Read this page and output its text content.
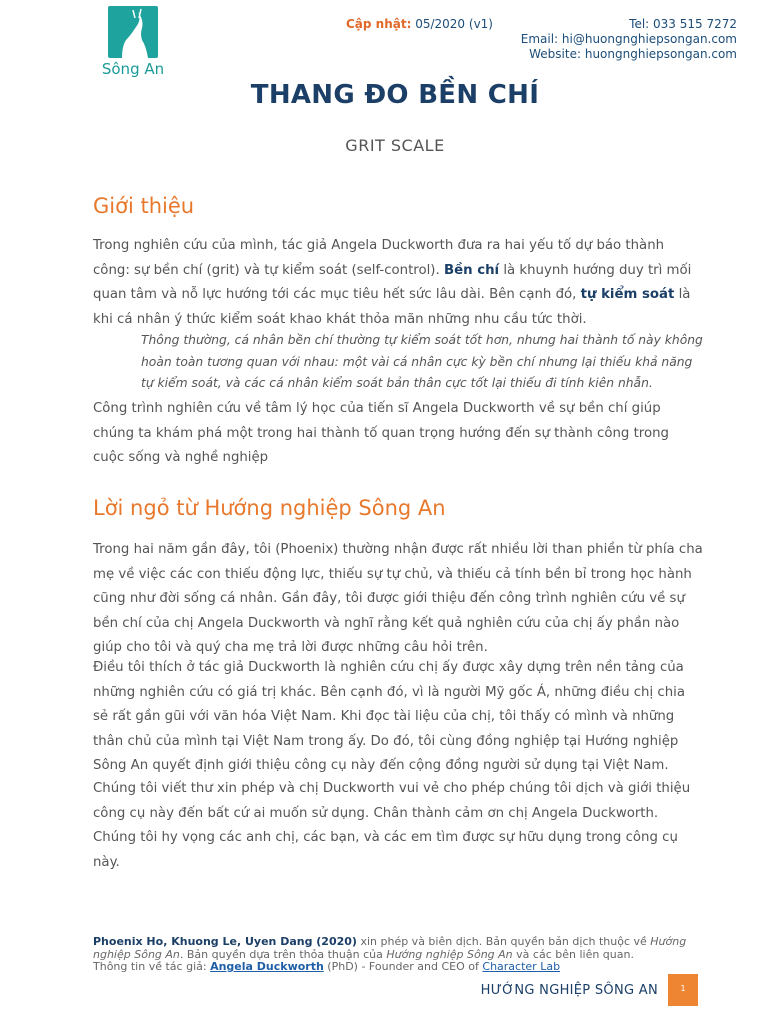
Sông An
Cập nhật: 05/2020 (v1)	Tel: 033 515 7272
Email: hi@huongnghiepsongan.com
Website: huongnghiepsongan.com
THANG ĐO BỀN CHÍ
GRIT SCALE
Giới thiệu

Trong nghiên cứu của mình, tác giả Angela Duckworth đưa ra hai yếu tố dự báo thành công: sự bền chí (grit) và tự kiểm soát (self-control). Bền chí là khuynh hướng duy trì mối quan tâm và nỗ lực hướng tới các mục tiêu hết sức lâu dài. Bên cạnh đó, tự kiểm soát là khi cá nhân ý thức kiểm soát khao khát thỏa mãn những nhu cầu tức thời.

Thông thường, cá nhân bền chí thường tự kiểm soát tốt hơn, nhưng hai thành tố này không hoàn toàn tương quan với nhau: một vài cá nhân cực kỳ bền chí nhưng lại thiếu khả năng tự kiểm soát, và các cá nhân kiểm soát bản thân cực tốt lại thiếu đi tính kiên nhẫn.

Công trình nghiên cứu về tâm lý học của tiến sĩ Angela Duckworth về sự bền chí giúp chúng ta khám phá một trong hai thành tố quan trọng hướng đến sự thành công trong cuộc sống và nghề nghiệp

Lời ngỏ từ Hướng nghiệp Sông An

Trong hai năm gần đây, tôi (Phoenix) thường nhận được rất nhiều lời than phiền từ phía cha mẹ về việc các con thiếu động lực, thiếu sự tự chủ, và thiếu cả tính bền bỉ trong học hành cũng như đời sống cá nhân. Gần đây, tôi được giới thiệu đến công trình nghiên cứu về sự bền chí của chị Angela Duckworth và nghĩ rằng kết quả nghiên cứu của chị ấy phần nào giúp cho tôi và quý cha mẹ trả lời được những câu hỏi trên.

Điều tôi thích ở tác giả Duckworth là nghiên cứu chị ấy được xây dựng trên nền tảng của những nghiên cứu có giá trị khác. Bên cạnh đó, vì là người Mỹ gốc Á, những điều chị chia sẻ rất gần gũi với văn hóa Việt Nam. Khi đọc tài liệu của chị, tôi thấy có mình và những thân chủ của mình tại Việt Nam trong ấy. Do đó, tôi cùng đồng nghiệp tại Hướng nghiệp Sông An quyết định giới thiệu công cụ này đến cộng đồng người sử dụng tại Việt Nam.

Chúng tôi viết thư xin phép và chị Duckworth vui vẻ cho phép chúng tôi dịch và giới thiệu công cụ này đến bất cứ ai muốn sử dụng. Chân thành cảm ơn chị Angela Duckworth. Chúng tôi hy vọng các anh chị, các bạn, và các em tìm được sự hữu dụng trong công cụ này.

Phoenix Ho, Khuong Le, Uyen Dang (2020) xin phép và biên dịch. Bản quyền bản dịch thuộc về Hướng nghiệp Sông An. Bản quyền dựa trên thỏa thuận của Hướng nghiệp Sông An và các bên liên quan.
Thông tin về tác giả: Angela Duckworth (PhD) - Founder and CEO of Character Lab
HƯỚNG NGHIỆP SÔNG AN	1
